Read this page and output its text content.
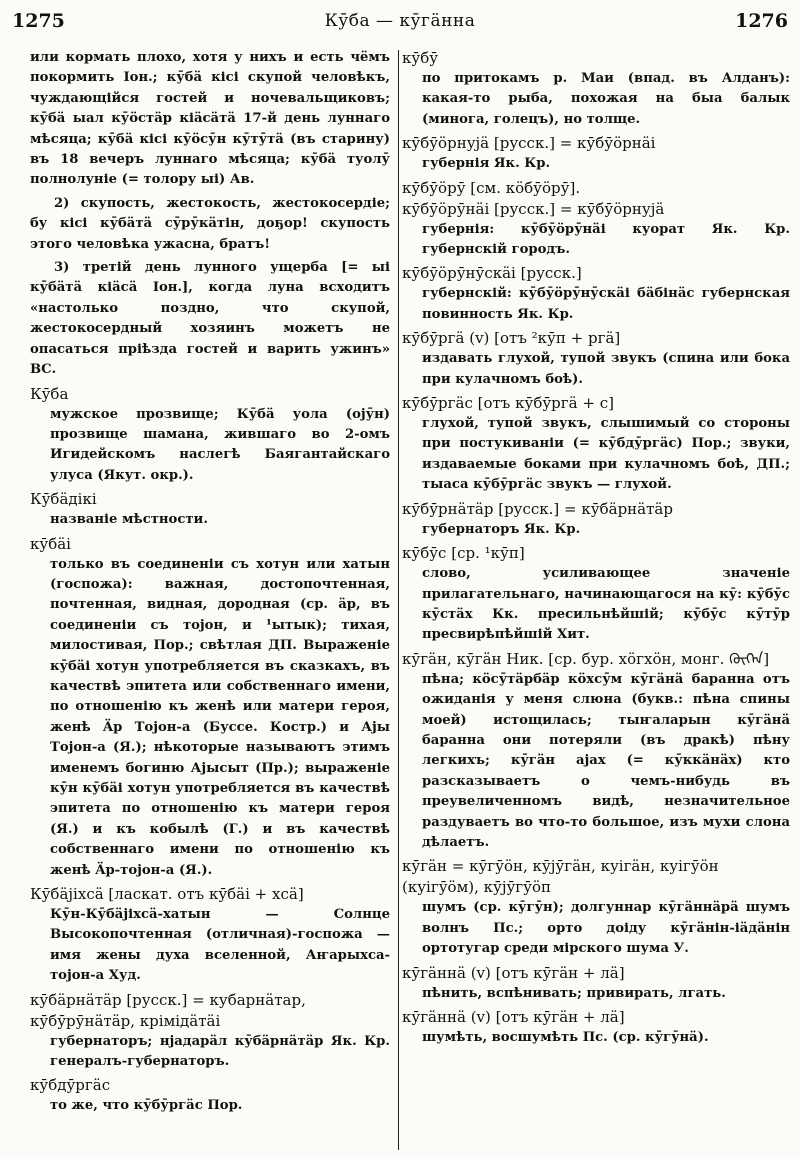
1275	Кӯба — кӯгäнна	1276
или кормать плохо, хотя у нихъ и есть чёмъ покормить Іон.; кӯбä кісі скупой человѣкъ, чуждающійся гостей и ночевальщиковъ; кӯбä ыал кӯöстäр кіäсäтä 17-й день луннаго мѣсяца; кӯбä кісі кӯöсӯн кӯтӯтä (въ старину) въ 18 вечеръ луннаго мѣсяца; кӯбä туолӯ полнолуніе (= толору ыі) Ав.
2) скупость, жестокость, жестокосердіе; бу кісі кӯбäтä сӯрӯкäтін, доҕор! скупость этого человѣка ужасна, братъ!
3) третій день лунного ущерба [= ыі кӯбäтä кіäсä Іон.], когда луна всходитъ «настолько поздно, что скупой, жестокосердный хозяинъ можетъ не опасаться пріѣзда гостей и варить ужинъ» ВС.
Кӯба
мужское прозвище; Кӯбä уола (оjӯн) прозвище шамана, жившаго во 2-омъ Игидейскомъ наслегѣ Баягантайскаго улуса (Якут. окр.).
Кӯбäдікі
названіе мѣстности.
кӯбäі
только въ соединеніи съ хотун или хатын (госпожа): важная, достопочтенная, почтенная, видная, дородная (ср. äр, въ соединеніи съ тоjон, и ¹ытык); тихая, милостивая, Пор.; свѣтлая ДП. Выраженіе кӯбäі хотун употребляется въ сказкахъ, въ качествѣ эпитета или собственнаго имени, по отношенію къ женѣ или матери героя, женѣ Äр Тоjон-а (Буссе. Костр.) и Аjы Тоjон-а (Я.); нѣкоторые называютъ этимъ именемъ богиню Аjысыт (Пр.); выраженіе кӯн кӯбäі хотун употребляется въ качествѣ эпитета по отношенію къ матери героя (Я.) и къ кобылѣ (Г.) и въ качествѣ собственнаго имени по отношенію къ женѣ Äр-тоjон-а (Я.).
Кӯбäjіхсä [ласкат. отъ кӯбäі + хсä]
Кӯн-Кӯбäjіхсä-хатын — Солнце Высокопочтенная (отличная)-госпожа — имя жены духа вселенной, Аҥарыхса-тоjон-а Худ.
кӯбäрнäтäр [русск.] = кубарнäтар, кӯбӯрӯнäтäр, крімідäтäі
губернаторъ; нjадарäл кӯбäрнäтäр Як. Кр. генералъ-губернаторъ.
кӯбдӯргäс
то же, что кӯбӯргäс Пор.
кӯбӯ
по притокамъ р. Маи (впад. въ Алданъ): какая-то рыба, похожая на быа балык (минога, голецъ), но толще.
кӯбӯöрнујä [русск.] = кӯбӯöрнäі
губернія Як. Кр.
кӯбӯöрӯ [см. кöбӯöрӯ].
кӯбӯöрӯнäі [русск.] = кӯбӯöрнујä
губернія: кӯбӯöрӯнäі куорат Як. Кр. губернскій городъ.
кӯбӯöрӯнӯскäі [русск.]
губернскій: кӯбӯöрӯнӯскäі бäбінäс губернская повинность Як. Кр.
кӯбӯргä (v) [отъ ²кӯп + ргä]
издавать глухой, тупой звукъ (спина или бока при кулачномъ боѣ).
кӯбӯргäс [отъ кӯбӯргä + с]
глухой, тупой звукъ, слышимый со стороны при постукиваніи (= кӯбдӯргäс) Пор.; звуки, издаваемые боками при кулачномъ боѣ, ДП.; тыаса кӯбӯргäс звукъ — глухой.
кӯбӯрнäтäр [русск.] = кӯбäрнäтäр
губернаторъ Як. Кр.
кӯбӯс [ср. ¹кӯп]
слово, усиливающее значеніе прилагательнаго, начинающагося на кӯ: кӯбӯс кӯстäх Кк. пресильнѣйшій; кӯбӯс кӯтӯр пресвирѣпѣйшій Хит.
кӯгäн, кӯгäн Ник. [ср. бур. хöгхöн, монг. ᠬᠦᠭᠡᠨ]
пѣна; кöсӯтäрбäр кöхсӯм кӯгäнä баранна отъ ожиданія у меня слюна (букв.: пѣна спины моей) истощилась; тыҥаларын кӯгäнä баранна они потеряли (въ дракѣ) пѣну легкихъ; кӯгäн аjах (= кӯккäнäх) кто разсказываетъ о чемъ-нибудь въ преувеличенномъ видѣ, незначительное раздуваетъ во что-то большое, изъ мухи слона дѣлаетъ.
кӯгäн = кӯгӯöн, кӯjӯгäн, куігäн, куігӯöн (куігӯöм), кӯjӯгӯöп
шумъ (ср. кӯгӯн); долгуннар кӯгäннäрä шумъ волнъ Пс.; орто доіду кӯгäнін-іäдäнін ортотугар среди мірского шума У.
кӯгäннä (v) [отъ кӯгäн + лä]
пѣнить, вспѣнивать; привирать, лгать.
кӯгäннä (v) [отъ кӯгäн + лä]
шумѣть, восшумѣть Пс. (ср. кӯгӯнä).
